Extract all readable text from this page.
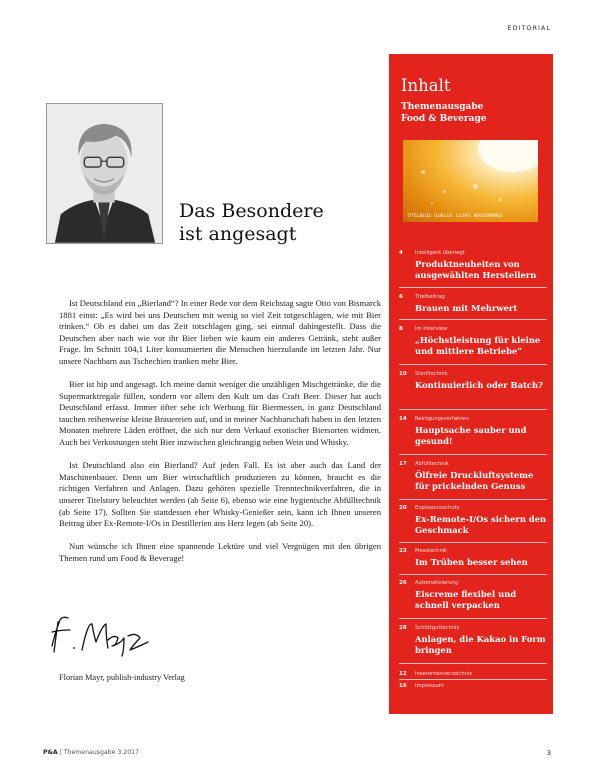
EDITORIAL
Das Besondere
ist angesagt

Ist Deutschland ein „Bierland“? In einer Rede vor dem Reichstag sagte Otto von Bismarck 1881 einst: „Es wird bei uns Deutschen mit wenig so viel Zeit totgeschlagen, wie mit Bier trinken.“ Ob es dabei um das Zeit totschlagen ging, sei einmal dahingestellt. Dass die Deutschen aber nach wie vor ihr Bier lieben wie kaum ein anderes Getränk, steht außer Frage. Im Schnitt 104,1 Liter konsumierten die Menschen hierzulande im letzten Jahr. Nur unsere Nachbarn aus Tschechien tranken mehr Bier.

Bier ist hip und angesagt. Ich meine damit weniger die unzähligen Mischgetränke, die die Supermarktregale füllen, sondern vor allem den Kult um das Craft Beer. Dieser hat auch Deutschland erfasst. Immer öfter sehe ich Werbung für Biermessen, in ganz Deutschland tauchen reihenweise kleine Brauereien auf, und in meiner Nachbarschaft haben in den letzten Monaten mehrere Läden eröffnet, die sich nur dem Verkauf exotischer Biersorten widmen. Auch bei Verkostungen steht Bier inzwischen gleichrangig neben Wein und Whisky.

Ist Deutschland also ein Bierland? Auf jeden Fall. Es ist aber auch das Land der Maschinenbauer. Denn um Bier wirtschaftlich produzieren zu können, braucht es die richtigen Verfahren und Anlagen. Dazu gehören spezielle Trenntechnikverfahren, die in unserer Titelstory beleuchtet werden (ab Seite 6), ebenso wie eine hygienische Abfülltechnik (ab Seite 17). Sollten Sie stattdessen eher Whisky-Genießer sein, kann ich Ihnen unseren Beitrag über Ex-Remote-I/Os in Destillerien ans Herz legen (ab Seite 20).

Nun wünsche ich Ihnen eine spannende Lektüre und viel Vergnügen mit den übrigen Themen rund um Food & Beverage!

Florian Mayr, publish-industry Verlag
Inhalt
Themenausgabe
Food & Beverage
TITELBILD: QUELLE: 123RF, NIKSOMMKO
4 Intelligent überlegt
Produktneuheiten von ausgewählten Herstellern
6 Titelbeitrag
Brauen mit Mehrwert
8 Im Interview
„Höchstleistung für kleine und mittlere Betriebe“
10 Steriltechnik
Kontinuierlich oder Batch?
14 Reinigungsverfahren
Hauptsache sauber und gesund!
17 Abfülltechnik
Ölfreie Druckluftsysteme für prickelnden Genuss
20 Explosionsschutz
Ex-Remote-I/Os sichern den Geschmack
23 Messtechnik
Im Trüben besser sehen
26 Automatisierung
Eiscreme flexibel und schnell verpacken
28 Schüttguttechnik
Anlagen, die Kakao in Form bringen
12 Inserentenverzeichnis
16 Impressum
P&A | Themenausgabe 3.2017	3
